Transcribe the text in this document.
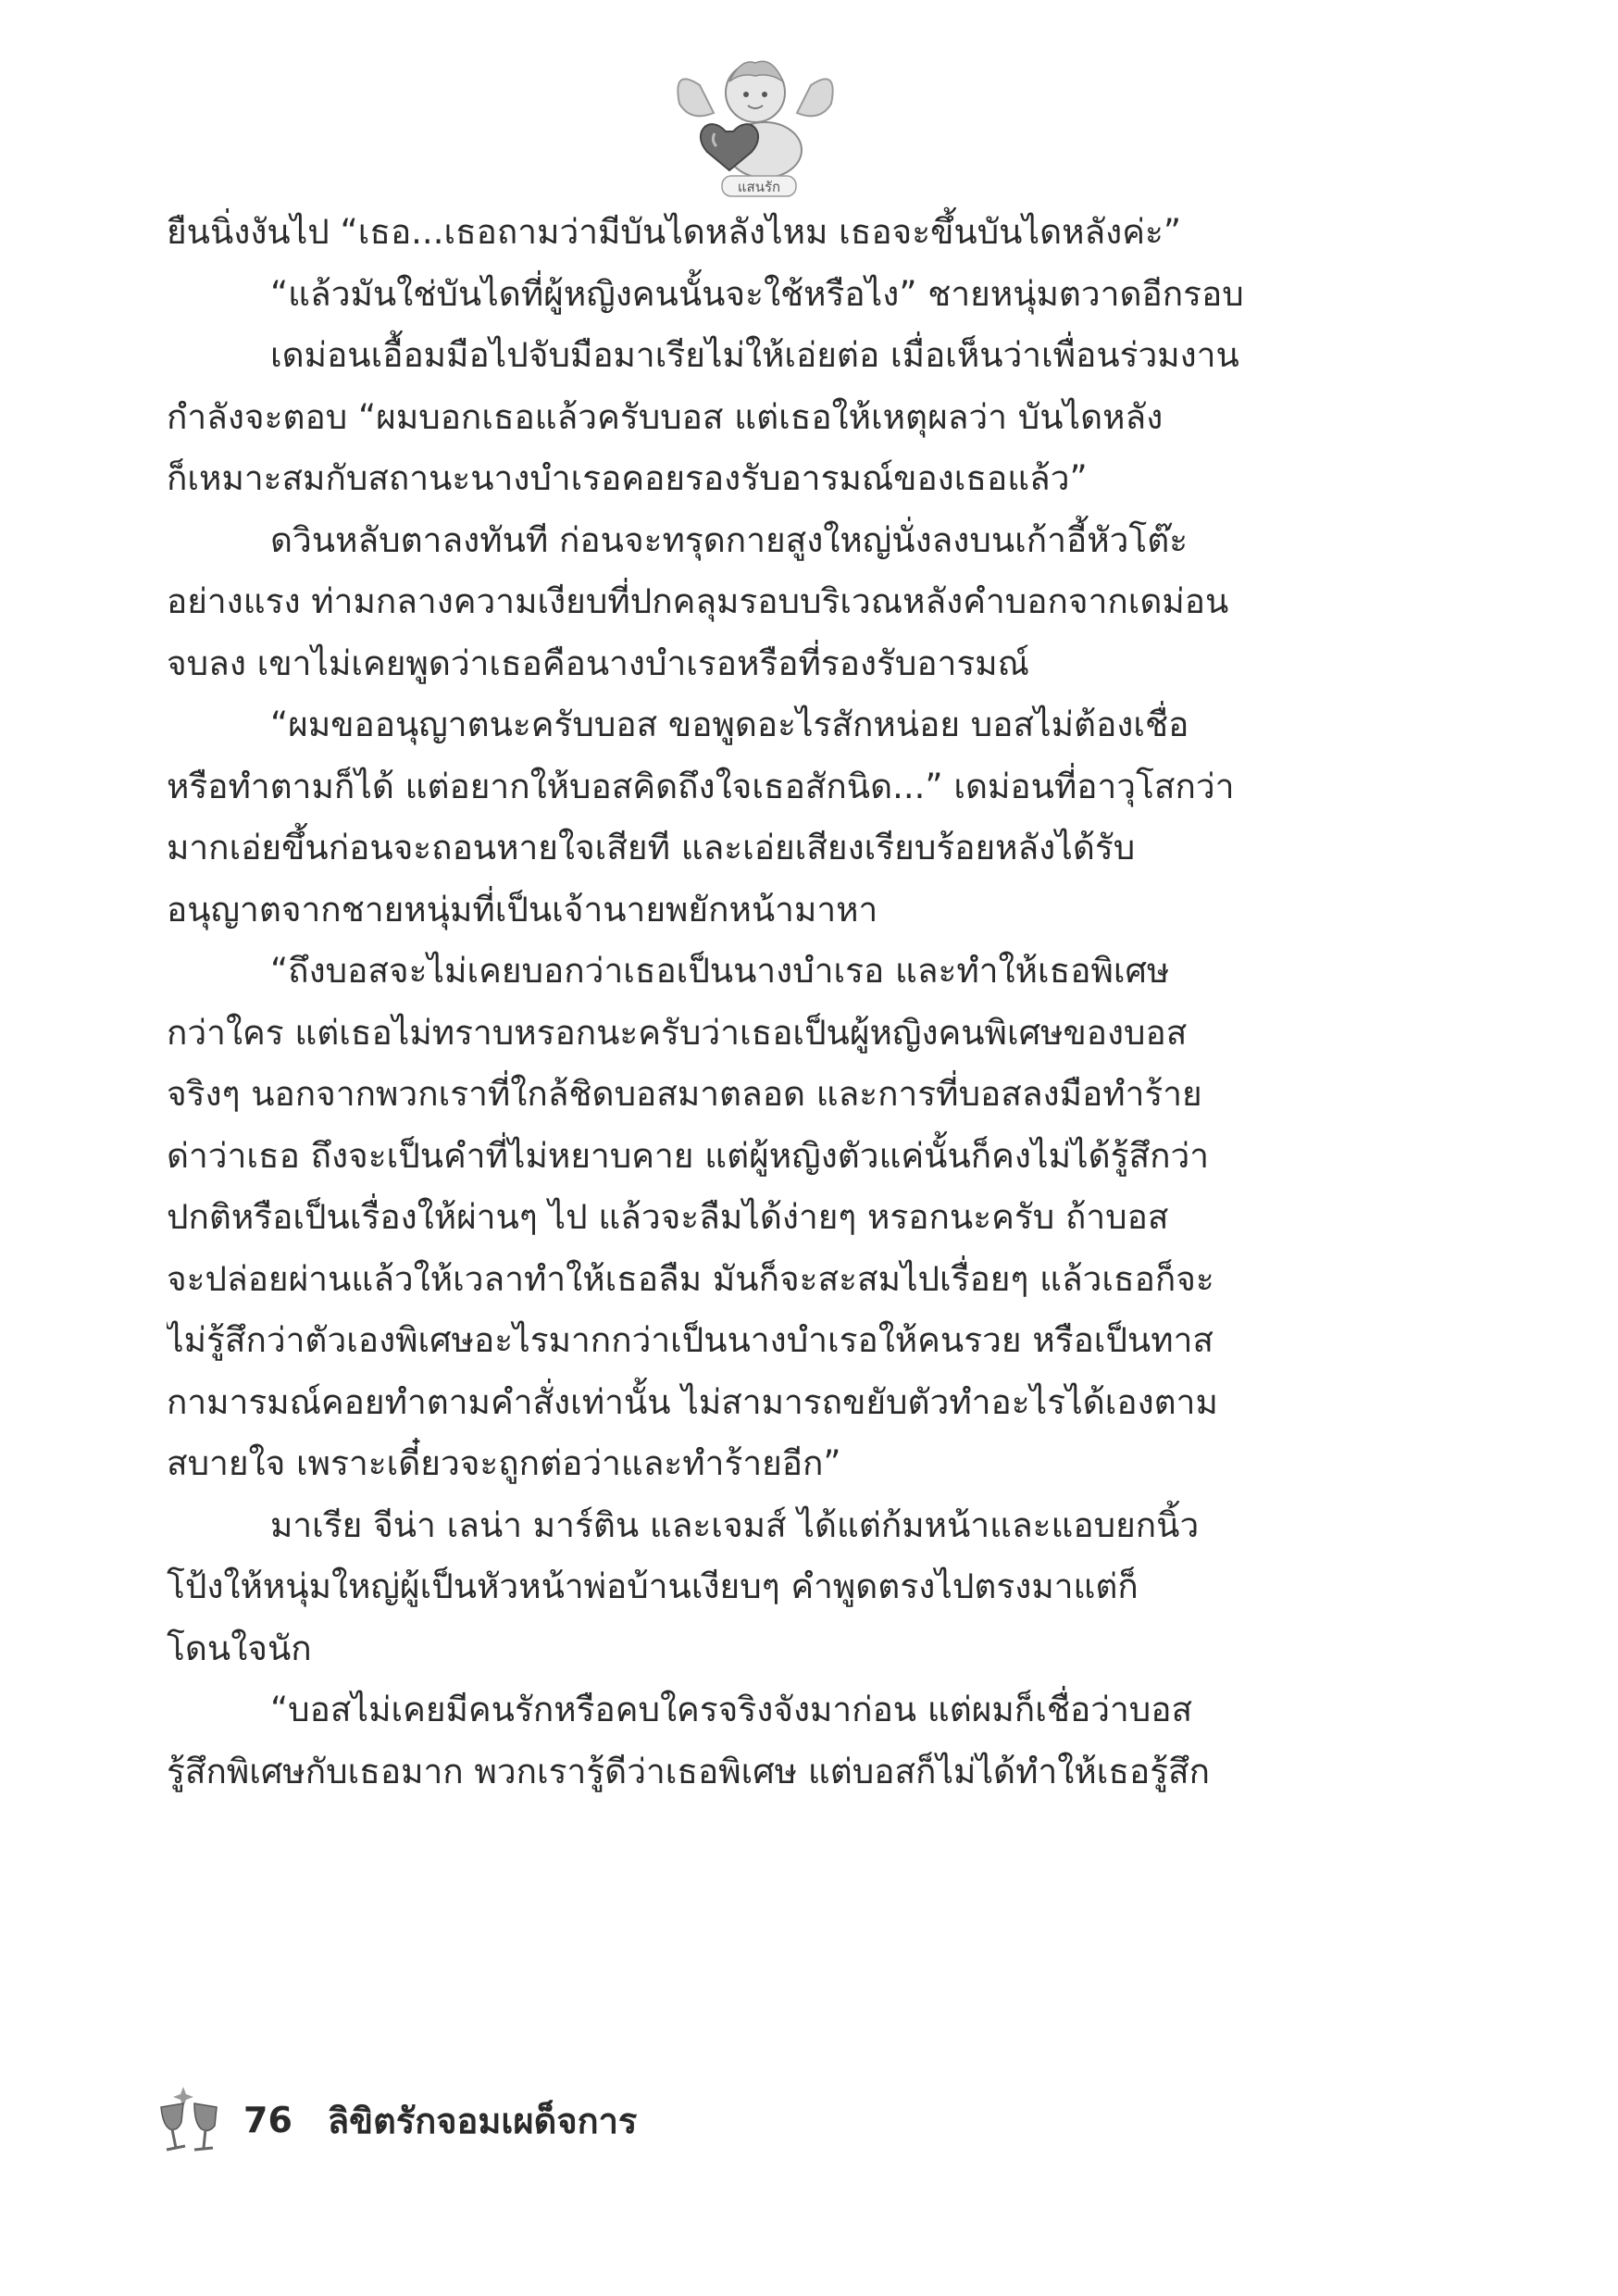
แสนรัก
ยืนนิ่งงันไป “เธอ...เธอถามว่ามีบันไดหลังไหม เธอจะขึ้นบันไดหลังค่ะ”
“แล้วมันใช่บันไดที่ผู้หญิงคนนั้นจะใช้หรือไง” ชายหนุ่มตวาดอีกรอบ
เดม่อนเอื้อมมือไปจับมือมาเรียไม่ให้เอ่ยต่อ เมื่อเห็นว่าเพื่อนร่วมงาน
กำลังจะตอบ “ผมบอกเธอแล้วครับบอส แต่เธอให้เหตุผลว่า บันไดหลัง
ก็เหมาะสมกับสถานะนางบำเรอคอยรองรับอารมณ์ของเธอแล้ว”
ดวินหลับตาลงทันที ก่อนจะทรุดกายสูงใหญ่นั่งลงบนเก้าอี้หัวโต๊ะ
อย่างแรง ท่ามกลางความเงียบที่ปกคลุมรอบบริเวณหลังคำบอกจากเดม่อน
จบลง เขาไม่เคยพูดว่าเธอคือนางบำเรอหรือที่รองรับอารมณ์
“ผมขออนุญาตนะครับบอส ขอพูดอะไรสักหน่อย บอสไม่ต้องเชื่อ
หรือทำตามก็ได้ แต่อยากให้บอสคิดถึงใจเธอสักนิด...” เดม่อนที่อาวุโสกว่า
มากเอ่ยขึ้นก่อนจะถอนหายใจเสียที และเอ่ยเสียงเรียบร้อยหลังได้รับ
อนุญาตจากชายหนุ่มที่เป็นเจ้านายพยักหน้ามาหา
“ถึงบอสจะไม่เคยบอกว่าเธอเป็นนางบำเรอ และทำให้เธอพิเศษ
กว่าใคร แต่เธอไม่ทราบหรอกนะครับว่าเธอเป็นผู้หญิงคนพิเศษของบอส
จริงๆ นอกจากพวกเราที่ใกล้ชิดบอสมาตลอด และการที่บอสลงมือทำร้าย
ด่าว่าเธอ ถึงจะเป็นคำที่ไม่หยาบคาย แต่ผู้หญิงตัวแค่นั้นก็คงไม่ได้รู้สึกว่า
ปกติหรือเป็นเรื่องให้ผ่านๆ ไป แล้วจะลืมได้ง่ายๆ หรอกนะครับ ถ้าบอส
จะปล่อยผ่านแล้วให้เวลาทำให้เธอลืม มันก็จะสะสมไปเรื่อยๆ แล้วเธอก็จะ
ไม่รู้สึกว่าตัวเองพิเศษอะไรมากกว่าเป็นนางบำเรอให้คนรวย หรือเป็นทาส
กามารมณ์คอยทำตามคำสั่งเท่านั้น ไม่สามารถขยับตัวทำอะไรได้เองตาม
สบายใจ เพราะเดี๋ยวจะถูกต่อว่าและทำร้ายอีก”
มาเรีย จีน่า เลน่า มาร์ติน และเจมส์ ได้แต่ก้มหน้าและแอบยกนิ้ว
โป้งให้หนุ่มใหญ่ผู้เป็นหัวหน้าพ่อบ้านเงียบๆ คำพูดตรงไปตรงมาแต่ก็
โดนใจนัก
“บอสไม่เคยมีคนรักหรือคบใครจริงจังมาก่อน แต่ผมก็เชื่อว่าบอส
รู้สึกพิเศษกับเธอมาก พวกเรารู้ดีว่าเธอพิเศษ แต่บอสก็ไม่ได้ทำให้เธอรู้สึก
76 ลิขิตรักจอมเผด็จการ
